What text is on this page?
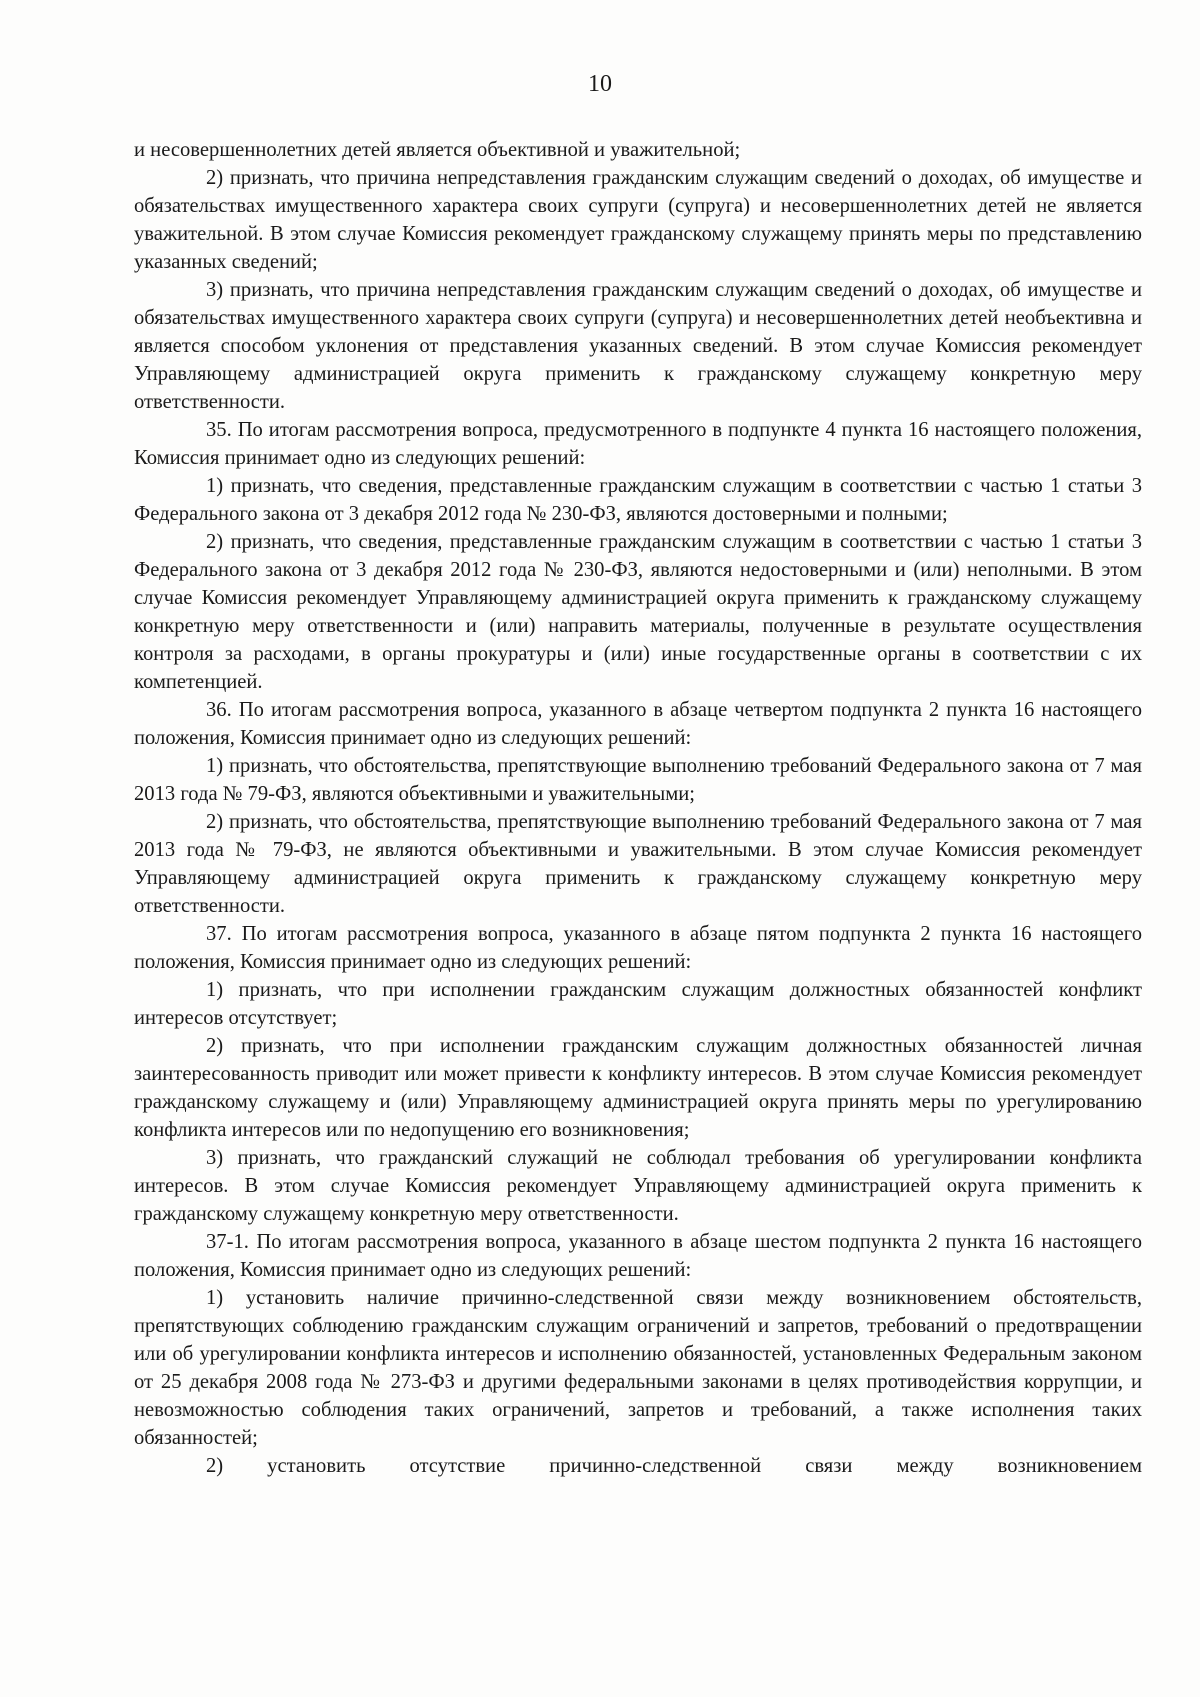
10

и несовершеннолетних детей является объективной и уважительной;

2) признать, что причина непредставления гражданским служащим сведений о доходах, об имуществе и обязательствах имущественного характера своих супруги (супруга) и несовершеннолетних детей не является уважительной. В этом случае Комиссия рекомендует гражданскому служащему принять меры по представлению указанных сведений;

3) признать, что причина непредставления гражданским служащим сведений о доходах, об имуществе и обязательствах имущественного характера своих супруги (супруга) и несовершеннолетних детей необъективна и является способом уклонения от представления указанных сведений. В этом случае Комиссия рекомендует Управляющему администрацией округа применить к гражданскому служащему конкретную меру ответственности.

35. По итогам рассмотрения вопроса, предусмотренного в подпункте 4 пункта 16 настоящего положения, Комиссия принимает одно из следующих решений:

1) признать, что сведения, представленные гражданским служащим в соответствии с частью 1 статьи 3 Федерального закона от 3 декабря 2012 года № 230-ФЗ, являются достоверными и полными;

2) признать, что сведения, представленные гражданским служащим в соответствии с частью 1 статьи 3 Федерального закона от 3 декабря 2012 года № 230-ФЗ, являются недостоверными и (или) неполными. В этом случае Комиссия рекомендует Управляющему администрацией округа применить к гражданскому служащему конкретную меру ответственности и (или) направить материалы, полученные в результате осуществления контроля за расходами, в органы прокуратуры и (или) иные государственные органы в соответствии с их компетенцией.

36. По итогам рассмотрения вопроса, указанного в абзаце четвертом подпункта 2 пункта 16 настоящего положения, Комиссия принимает одно из следующих решений:

1) признать, что обстоятельства, препятствующие выполнению требований Федерального закона от 7 мая 2013 года № 79-ФЗ, являются объективными и уважительными;

2) признать, что обстоятельства, препятствующие выполнению требований Федерального закона от 7 мая 2013 года № 79-ФЗ, не являются объективными и уважительными. В этом случае Комиссия рекомендует Управляющему администрацией округа применить к гражданскому служащему конкретную меру ответственности.

37. По итогам рассмотрения вопроса, указанного в абзаце пятом подпункта 2 пункта 16 настоящего положения, Комиссия принимает одно из следующих решений:

1) признать, что при исполнении гражданским служащим должностных обязанностей конфликт интересов отсутствует;

2) признать, что при исполнении гражданским служащим должностных обязанностей личная заинтересованность приводит или может привести к конфликту интересов. В этом случае Комиссия рекомендует гражданскому служащему и (или) Управляющему администрацией округа принять меры по урегулированию конфликта интересов или по недопущению его возникновения;

3) признать, что гражданский служащий не соблюдал требования об урегулировании конфликта интересов. В этом случае Комиссия рекомендует Управляющему администрацией округа применить к гражданскому служащему конкретную меру ответственности.

37-1. По итогам рассмотрения вопроса, указанного в абзаце шестом подпункта 2 пункта 16 настоящего положения, Комиссия принимает одно из следующих решений:

1) установить наличие причинно-следственной связи между возникновением обстоятельств, препятствующих соблюдению гражданским служащим ограничений и запретов, требований о предотвращении или об урегулировании конфликта интересов и исполнению обязанностей, установленных Федеральным законом от 25 декабря 2008 года № 273-ФЗ и другими федеральными законами в целях противодействия коррупции, и невозможностью соблюдения таких ограничений, запретов и требований, а также исполнения таких обязанностей;

2) установить отсутствие причинно-следственной связи между возникновением
